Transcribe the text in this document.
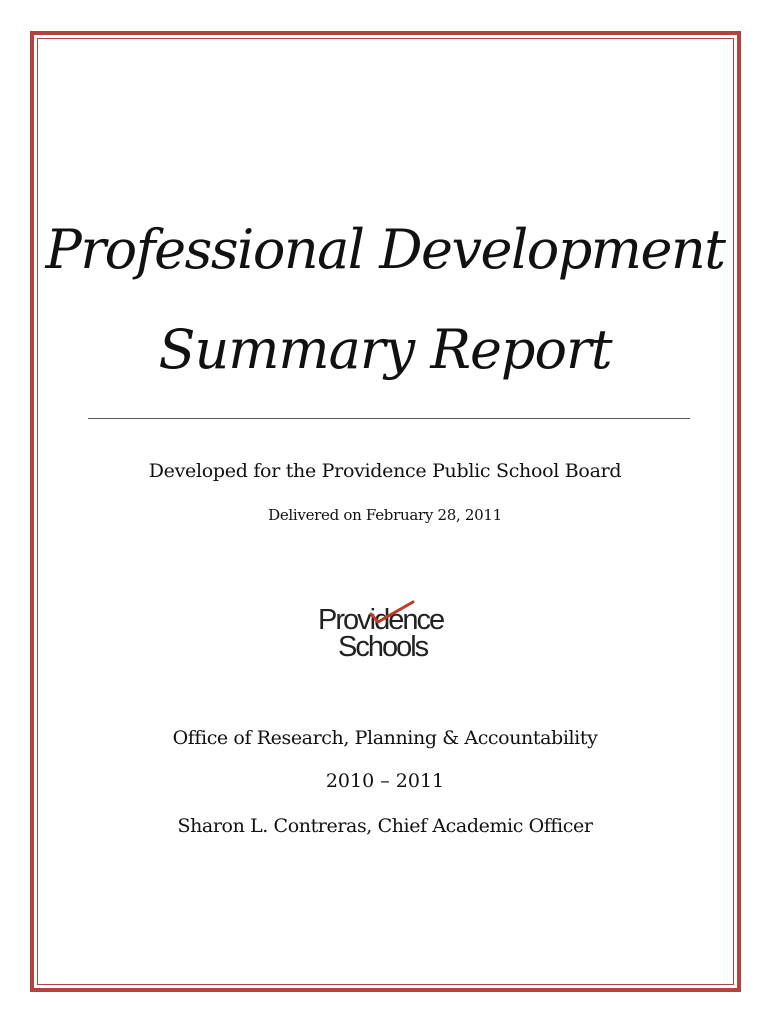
Professional Development
Summary Report
Developed for the Providence Public School Board
Delivered on February 28, 2011
Providence
Schools
Office of Research, Planning & Accountability
2010 – 2011
Sharon L. Contreras, Chief Academic Officer
